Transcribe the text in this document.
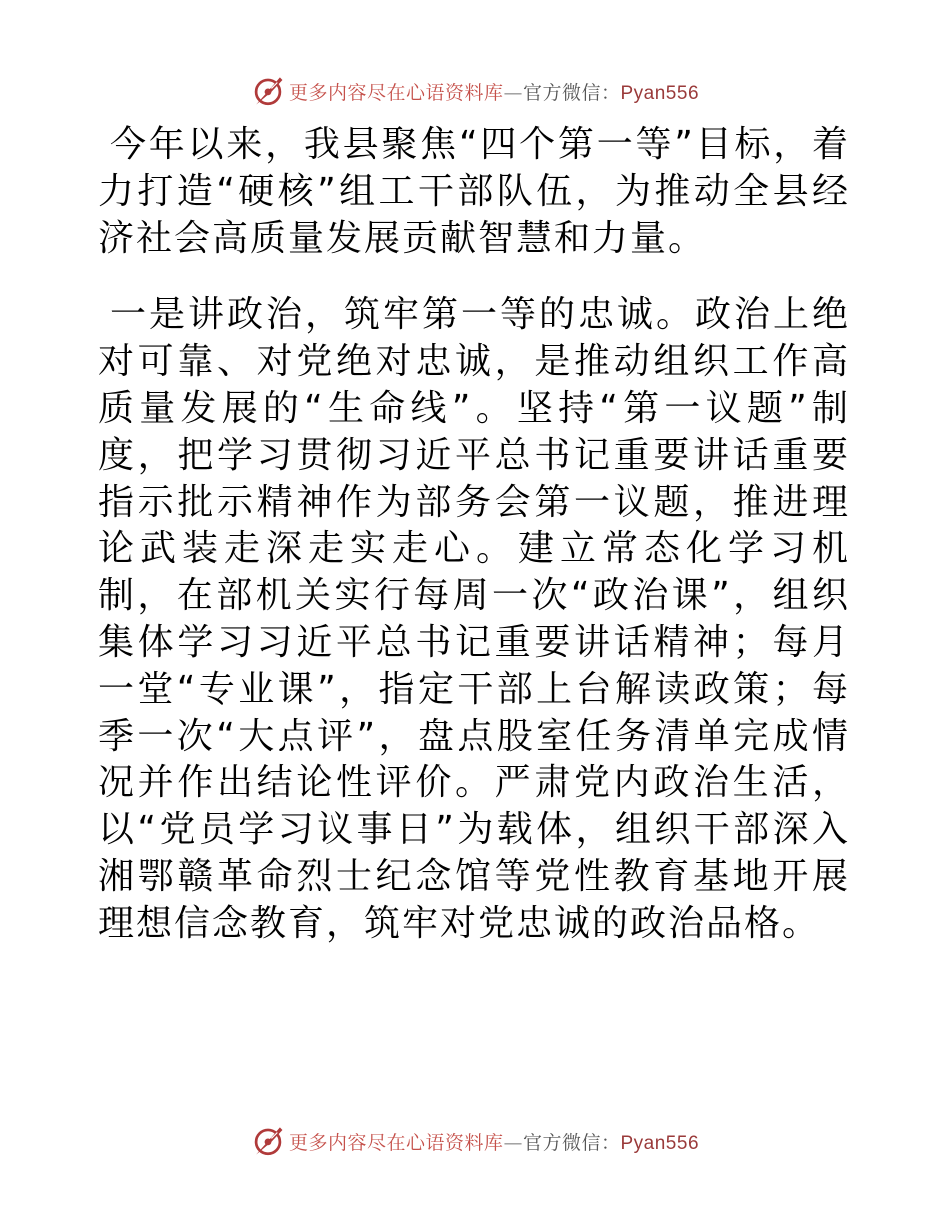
更多内容尽在心语资料库—官方微信：Pyan556

今年以来，我县聚焦“四个第一等”目标，着力打造“硬核”组工干部队伍，为推动全县经济社会高质量发展贡献智慧和力量。

一是讲政治，筑牢第一等的忠诚。政治上绝对可靠、对党绝对忠诚，是推动组织工作高质量发展的“生命线”。坚持“第一议题”制度，把学习贯彻习近平总书记重要讲话重要指示批示精神作为部务会第一议题，推进理论武装走深走实走心。建立常态化学习机制，在部机关实行每周一次“政治课”，组织集体学习习近平总书记重要讲话精神；每月一堂“专业课”，指定干部上台解读政策；每季一次“大点评”，盘点股室任务清单完成情况并作出结论性评价。严肃党内政治生活，以“党员学习议事日”为载体，组织干部深入湘鄂赣革命烈士纪念馆等党性教育基地开展理想信念教育，筑牢对党忠诚的政治品格。

更多内容尽在心语资料库—官方微信：Pyan556
